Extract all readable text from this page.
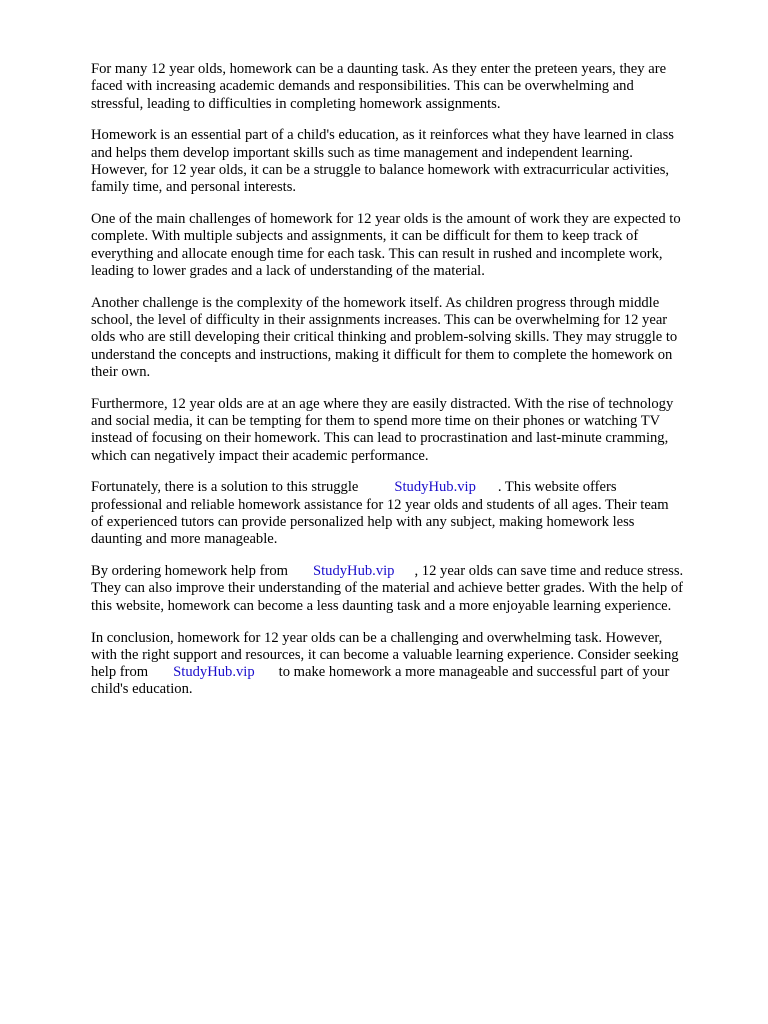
For many 12 year olds, homework can be a daunting task. As they enter the preteen years, they are
faced with increasing academic demands and responsibilities. This can be overwhelming and
stressful, leading to difficulties in completing homework assignments.

Homework is an essential part of a child's education, as it reinforces what they have learned in class
and helps them develop important skills such as time management and independent learning.
However, for 12 year olds, it can be a struggle to balance homework with extracurricular activities,
family time, and personal interests.

One of the main challenges of homework for 12 year olds is the amount of work they are expected to
complete. With multiple subjects and assignments, it can be difficult for them to keep track of
everything and allocate enough time for each task. This can result in rushed and incomplete work,
leading to lower grades and a lack of understanding of the material.

Another challenge is the complexity of the homework itself. As children progress through middle
school, the level of difficulty in their assignments increases. This can be overwhelming for 12 year
olds who are still developing their critical thinking and problem-solving skills. They may struggle to
understand the concepts and instructions, making it difficult for them to complete the homework on
their own.

Furthermore, 12 year olds are at an age where they are easily distracted. With the rise of technology
and social media, it can be tempting for them to spend more time on their phones or watching TV
instead of focusing on their homework. This can lead to procrastination and last-minute cramming,
which can negatively impact their academic performance.

Fortunately, there is a solution to this struggle StudyHub.vip . This website offers
professional and reliable homework assistance for 12 year olds and students of all ages. Their team
of experienced tutors can provide personalized help with any subject, making homework less
daunting and more manageable.

By ordering homework help from StudyHub.vip , 12 year olds can save time and reduce stress.
They can also improve their understanding of the material and achieve better grades. With the help of
this website, homework can become a less daunting task and a more enjoyable learning experience.

In conclusion, homework for 12 year olds can be a challenging and overwhelming task. However,
with the right support and resources, it can become a valuable learning experience. Consider seeking
help from StudyHub.vip to make homework a more manageable and successful part of your
child's education.
